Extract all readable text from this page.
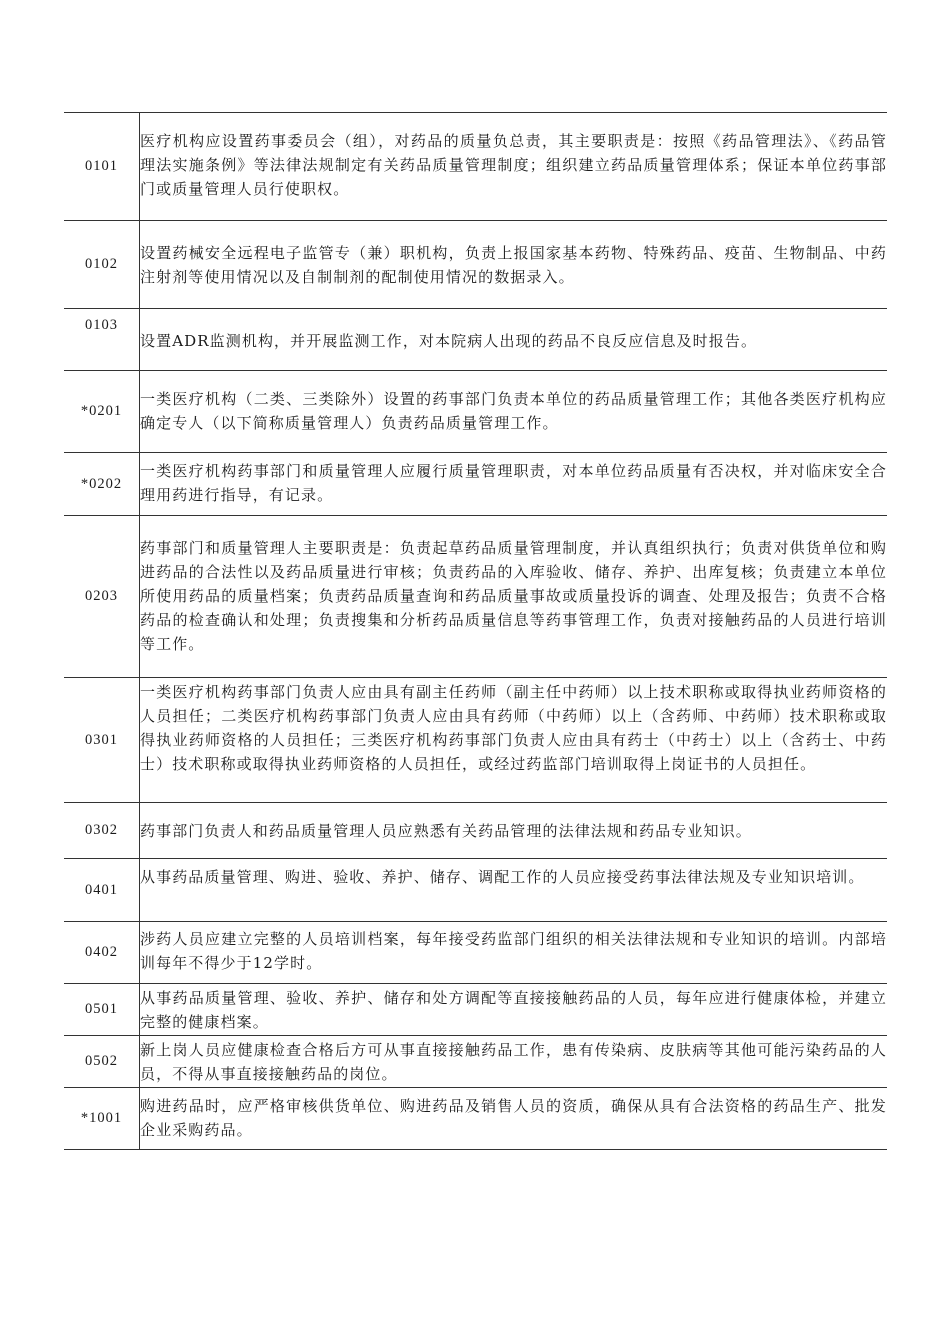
0101	医疗机构应设置药事委员会（组），对药品的质量负总责，其主要职责是：按照《药品管理法》、《药品管理法实施条例》等法律法规制定有关药品质量管理制度；组织建立药品质量管理体系；保证本单位药事部门或质量管理人员行使职权。
0102	设置药械安全远程电子监管专（兼）职机构，负责上报国家基本药物、特殊药品、疫苗、生物制品、中药注射剂等使用情况以及自制制剂的配制使用情况的数据录入。
0103	设置ADR监测机构，并开展监测工作，对本院病人出现的药品不良反应信息及时报告。
*0201	一类医疗机构（二类、三类除外）设置的药事部门负责本单位的药品质量管理工作；其他各类医疗机构应确定专人（以下简称质量管理人）负责药品质量管理工作。
*0202	一类医疗机构药事部门和质量管理人应履行质量管理职责，对本单位药品质量有否决权，并对临床安全合理用药进行指导，有记录。
0203	药事部门和质量管理人主要职责是：负责起草药品质量管理制度，并认真组织执行；负责对供货单位和购进药品的合法性以及药品质量进行审核；负责药品的入库验收、储存、养护、出库复核；负责建立本单位所使用药品的质量档案；负责药品质量查询和药品质量事故或质量投诉的调查、处理及报告；负责不合格药品的检查确认和处理；负责搜集和分析药品质量信息等药事管理工作，负责对接触药品的人员进行培训等工作。
0301	一类医疗机构药事部门负责人应由具有副主任药师（副主任中药师）以上技术职称或取得执业药师资格的人员担任；二类医疗机构药事部门负责人应由具有药师（中药师）以上（含药师、中药师）技术职称或取得执业药师资格的人员担任；三类医疗机构药事部门负责人应由具有药士（中药士）以上（含药士、中药士）技术职称或取得执业药师资格的人员担任，或经过药监部门培训取得上岗证书的人员担任。
0302	药事部门负责人和药品质量管理人员应熟悉有关药品管理的法律法规和药品专业知识。
0401	从事药品质量管理、购进、验收、养护、储存、调配工作的人员应接受药事法律法规及专业知识培训。
0402	涉药人员应建立完整的人员培训档案，每年接受药监部门组织的相关法律法规和专业知识的培训。内部培训每年不得少于12学时。
0501	从事药品质量管理、验收、养护、储存和处方调配等直接接触药品的人员，每年应进行健康体检，并建立完整的健康档案。
0502	新上岗人员应健康检查合格后方可从事直接接触药品工作，患有传染病、皮肤病等其他可能污染药品的人员，不得从事直接接触药品的岗位。
*1001	购进药品时，应严格审核供货单位、购进药品及销售人员的资质，确保从具有合法资格的药品生产、批发企业采购药品。
